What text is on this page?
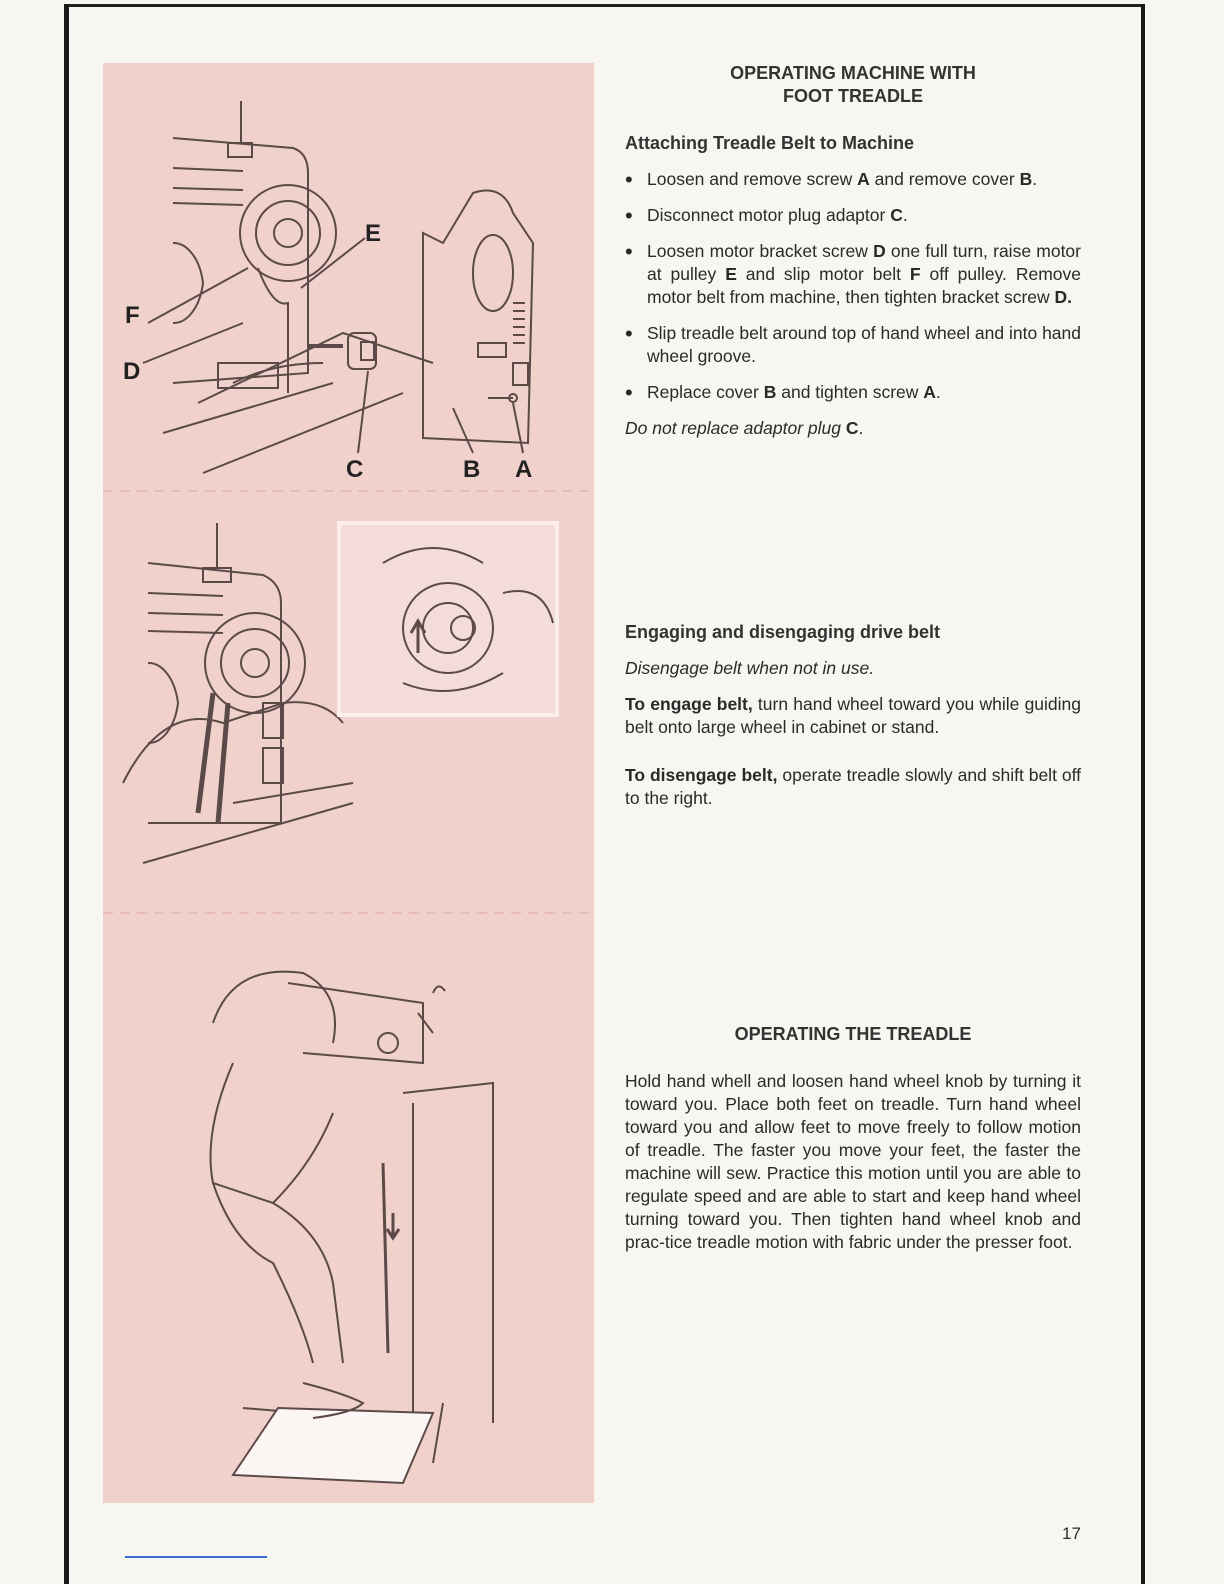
E
F
D
C	B A
OPERATING MACHINE WITH
FOOT TREADLE
Attaching Treadle Belt to Machine
• Loosen and remove screw A and remove cover B.
• Disconnect motor plug adaptor C.
• Loosen motor bracket screw D one full turn, raise motor at pulley E and slip motor belt F off pulley. Remove motor belt from machine, then tighten bracket screw D.
• Slip treadle belt around top of hand wheel and into hand wheel groove.
• Replace cover B and tighten screw A.

Do not replace adaptor plug C.

Engaging and disengaging drive belt

Disengage belt when not in use.

To engage belt, turn hand wheel toward you while guiding belt onto large wheel in cabinet or stand.

To disengage belt, operate treadle slowly and shift belt off to the right.

OPERATING THE TREADLE

Hold hand whell and loosen hand wheel knob by turning it toward you. Place both feet on treadle. Turn hand wheel toward you and allow feet to move freely to follow motion of treadle. The faster you move your feet, the faster the machine will sew. Practice this motion until you are able to regulate speed and are able to start and keep hand wheel turning toward you. Then tighten hand wheel knob and prac-tice treadle motion with fabric under the presser foot.

17
